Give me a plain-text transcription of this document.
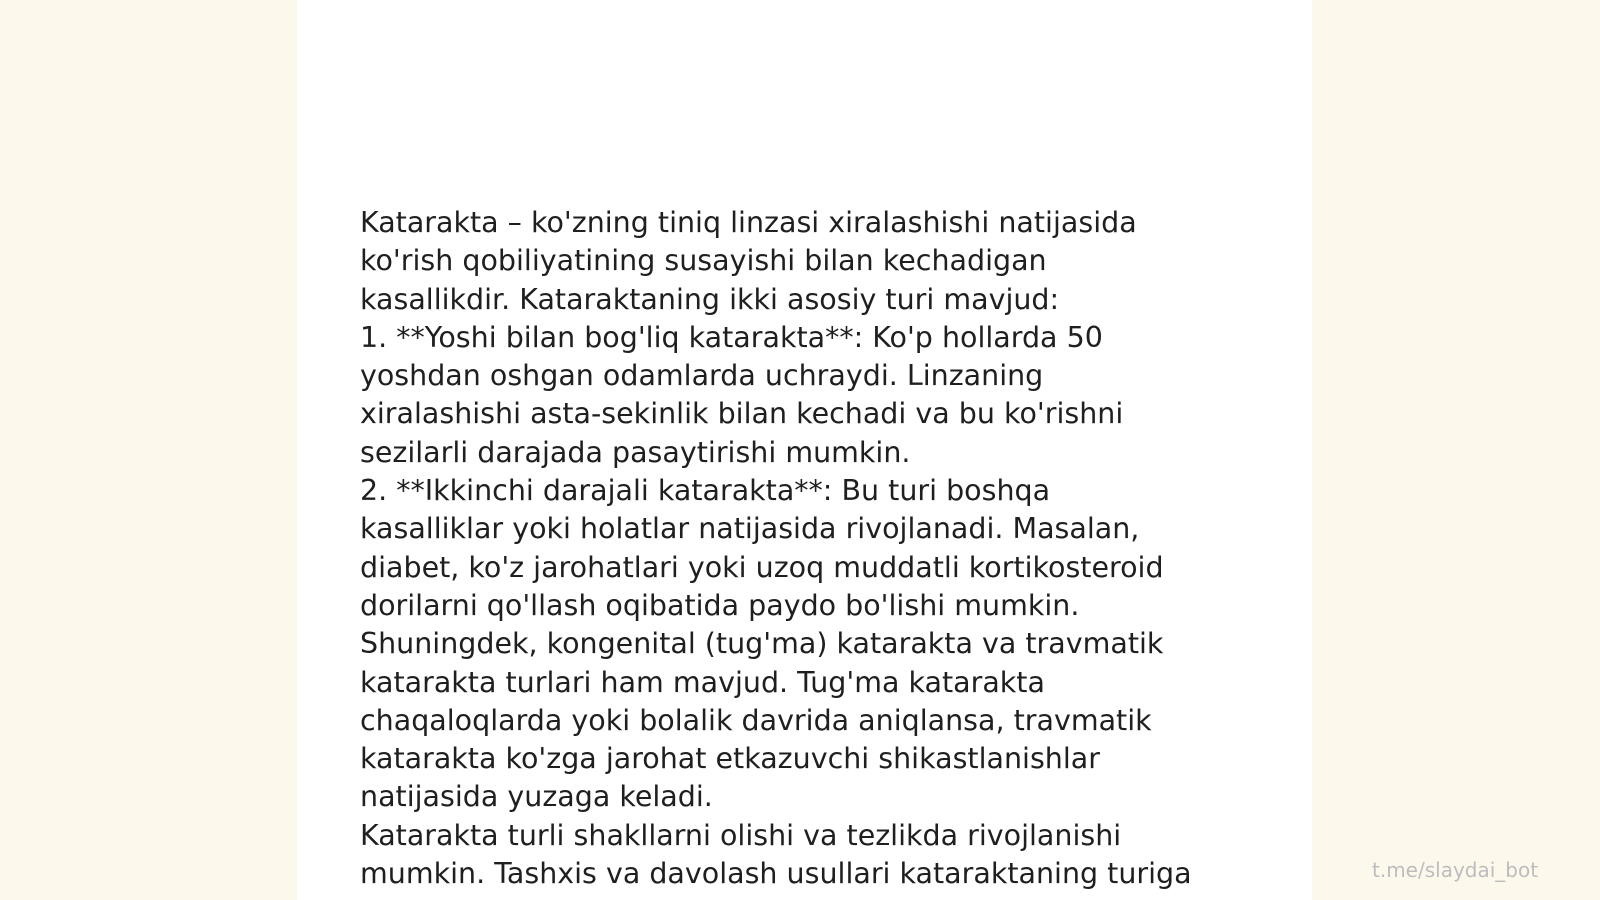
Katarakta – ko'zning tiniq linzasi xiralashishi natijasida
ko'rish qobiliyatining susayishi bilan kechadigan
kasallikdir. Kataraktaning ikki asosiy turi mavjud:
1. **Yoshi bilan bog'liq katarakta**: Ko'p hollarda 50
yoshdan oshgan odamlarda uchraydi. Linzaning
xiralashishi asta-sekinlik bilan kechadi va bu ko'rishni
sezilarli darajada pasaytirishi mumkin.
2. **Ikkinchi darajali katarakta**: Bu turi boshqa
kasalliklar yoki holatlar natijasida rivojlanadi. Masalan,
diabet, ko'z jarohatlari yoki uzoq muddatli kortikosteroid
dorilarni qo'llash oqibatida paydo bo'lishi mumkin.
Shuningdek, kongenital (tug'ma) katarakta va travmatik
katarakta turlari ham mavjud. Tug'ma katarakta
chaqaloqlarda yoki bolalik davrida aniqlansa, travmatik
katarakta ko'zga jarohat etkazuvchi shikastlanishlar
natijasida yuzaga keladi.
Katarakta turli shakllarni olishi va tezlikda rivojlanishi
mumkin. Tashxis va davolash usullari kataraktaning turiga	t.me/slaydai_bot
